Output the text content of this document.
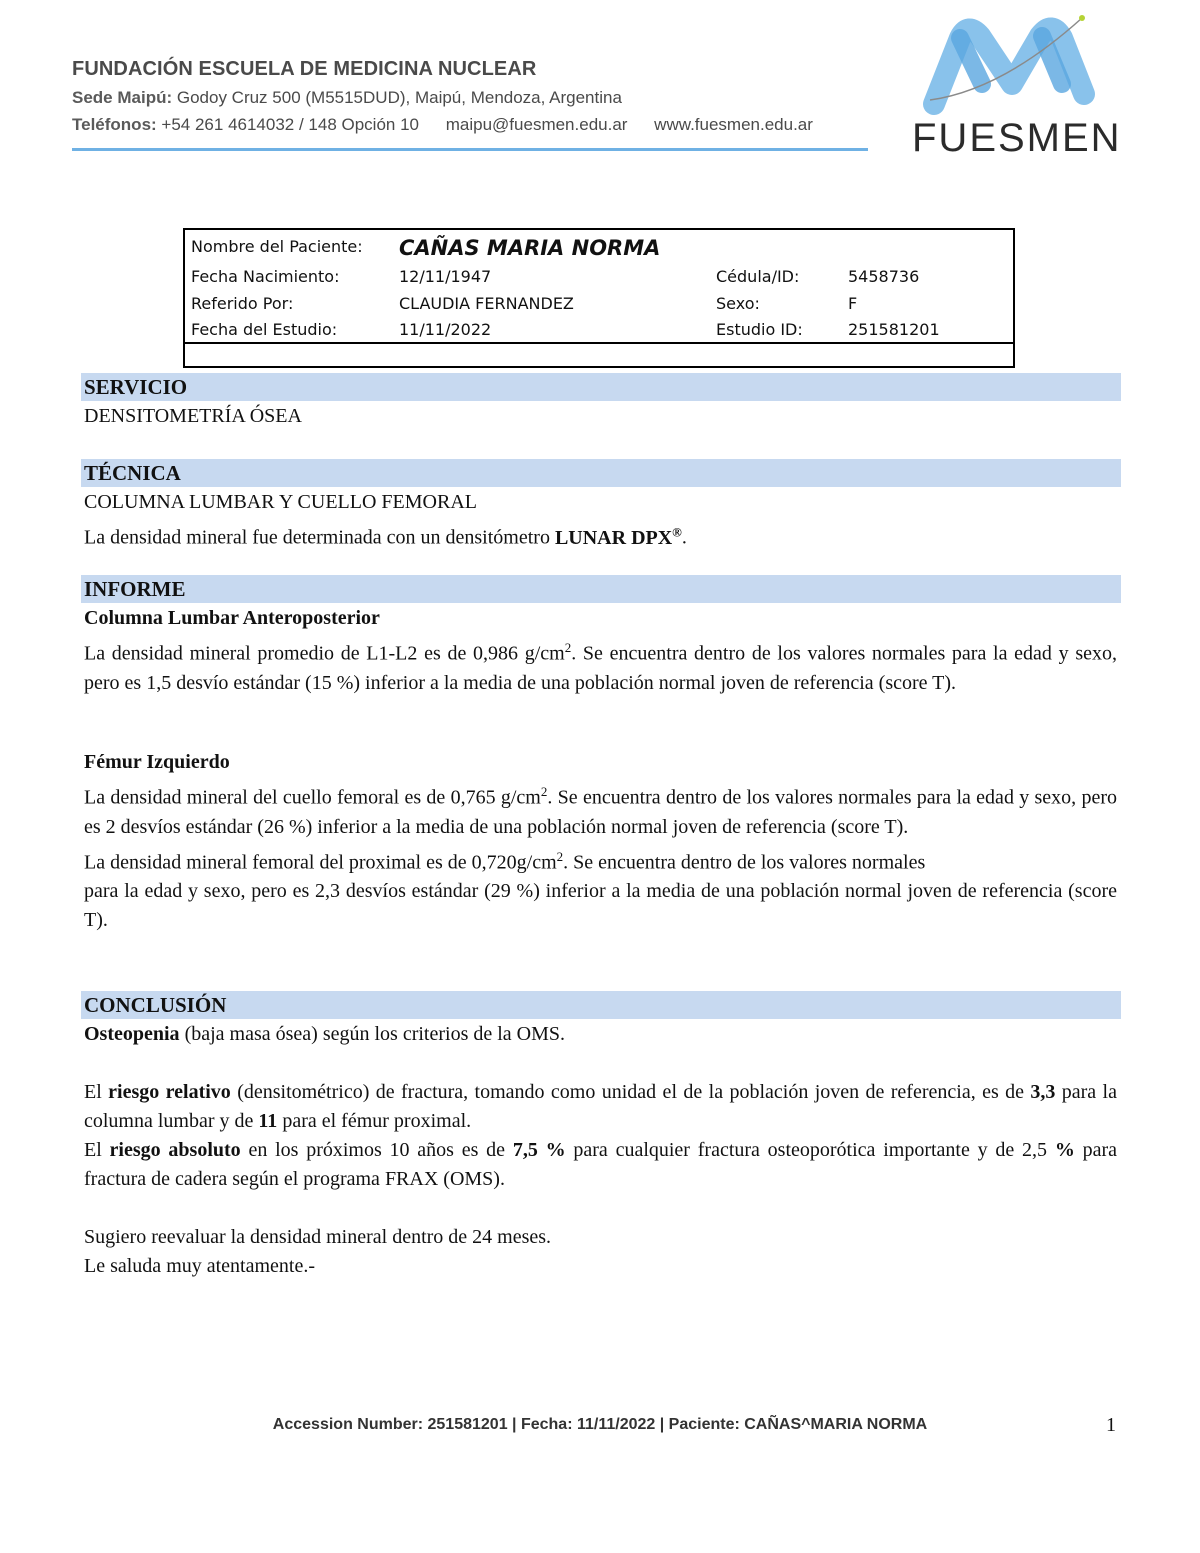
FUNDACIÓN ESCUELA DE MEDICINA NUCLEAR
Sede Maipú: Godoy Cruz 500 (M5515DUD), Maipú, Mendoza, Argentina
Teléfonos: +54 261 4614032 / 148 Opción 10 maipu@fuesmen.edu.ar www.fuesmen.edu.ar FUESMEN
Nombre del Paciente: CAÑAS MARIA NORMA
Fecha Nacimiento:	12/11/1947	Cédula/ID:	5458736
Referido Por:	CLAUDIA FERNANDEZ	Sexo:	F
Fecha del Estudio:	11/11/2022	Estudio ID:	251581201
SERVICIO
DENSITOMETRÍA ÓSEA
TÉCNICA
COLUMNA LUMBAR Y CUELLO FEMORAL
La densidad mineral fue determinada con un densitómetro LUNAR DPX®.
INFORME
Columna Lumbar Anteroposterior
La densidad mineral promedio de L1-L2 es de 0,986 $g/cm^2$. Se encuentra dentro de los valores normales para la edad y sexo, pero es 1,5 desvío estándar (15 %) inferior a la media de una población normal joven de referencia (score T).
Fémur Izquierdo
La densidad mineral del cuello femoral es de 0,765 $g/cm^2$. Se encuentra dentro de los valores normales para la edad y sexo, pero es 2 desvíos estándar (26 %) inferior a la media de una población normal joven de referencia (score T).
La densidad mineral femoral del proximal es de $0,720g/cm^2$. Se encuentra dentro de los valores normales
para la edad y sexo, pero es 2,3 desvíos estándar (29 %) inferior a la media de una población normal joven de referencia (score T).
CONCLUSIÓN
Osteopenia (baja masa ósea) según los criterios de la OMS.
El riesgo relativo (densitométrico) de fractura, tomando como unidad el de la población joven de referencia, es de 3,3 para la columna lumbar y de 11 para el fémur proximal.
El riesgo absoluto en los próximos 10 años es de 7,5 % para cualquier fractura osteoporótica importante y de 2,5 % para fractura de cadera según el programa FRAX (OMS).
Sugiero reevaluar la densidad mineral dentro de 24 meses.
Le saluda muy atentamente.-
Accession Number: 251581201 | Fecha: 11/11/2022 | Paciente: CAÑAS^MARIA NORMA	1
